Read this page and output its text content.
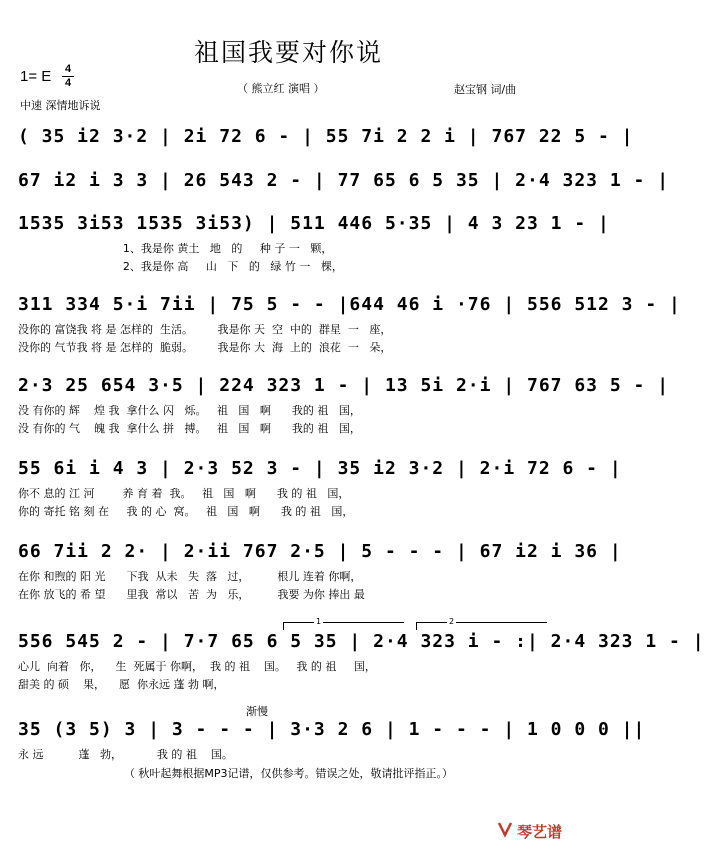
祖国我要对你说
1= E 4
4	（ 熊立红 演唱 ）	赵宝钢 词/曲
中速 深情地诉说
( 35 i2 3·2 | 2i 72 6 - | 55 7i 2 2 i | 767 22 5 - |
67 i2 i 3 3 | 26 543 2 - | 77 65 6 5 35 | 2·4 323 1 - |
1535 3i53 1535 3i53) | 511 446 5·35 | 4 3 23 1 - |
1、我是你 黄土   地   的     种 子 一   颗，
2、我是你 高     山   下   的   绿 竹 一   棵，
311 334 5·i 7ii | 75 5 - - |644 46 i ·76 | 556 512 3 - |
没你的 富饶我 将 是 怎样的  生活。       我是你 天  空  中的  群星  一   座，
没你的 气节我 将 是 怎样的  脆弱。       我是你 大  海  上的  浪花  一   朵，
2·3 25 654 3·5 | 224 323 1 - | 13 5i 2·i | 767 63 5 - |
没 有你的 辉    煌 我  拿什么 闪   烁。   祖   国   啊      我的 祖   国，
没 有你的 气    魄 我  拿什么 拼   搏。   祖   国   啊      我的 祖   国，
55 6i i 4 3 | 2·3 52 3 - | 35 i2 3·2 | 2·i 72 6 - |
你不 息的 江 河        养 育 着  我。   祖   国   啊      我 的 祖   国，
你的 寄托 铭 刻 在     我 的 心  窝。   祖   国   啊      我 的 祖   国，
66 7ii 2 2· | 2·ii 767 2·5 | 5 - - - | 67 i2 i 36 |
在你 和煦的 阳 光      下我  从未   失  落   过，        根儿 连着 你啊，
在你 放飞的 希 望      里我  常以   苦  为   乐，        我要 为你 捧出 最
1	2
556 545 2 - | 7·7 65 6 5 35 | 2·4 323 i - :| 2·4 323 1 - |
心儿  向着   你，    生  死属于 你啊，  我 的 祖    国。   我 的 祖     国，
甜美 的 硕    果，    愿  你永远 蓬 勃 啊，
渐慢
35 (3 5) 3 | 3 - - - | 3·3 2 6 | 1 - - - | 1 0 0 0 ||
永 远          蓬   勃，          我 的 祖    国。
（ 秋叶起舞根据MP3记谱，仅供参考。错误之处，敬请批评指正。）
琴艺谱
